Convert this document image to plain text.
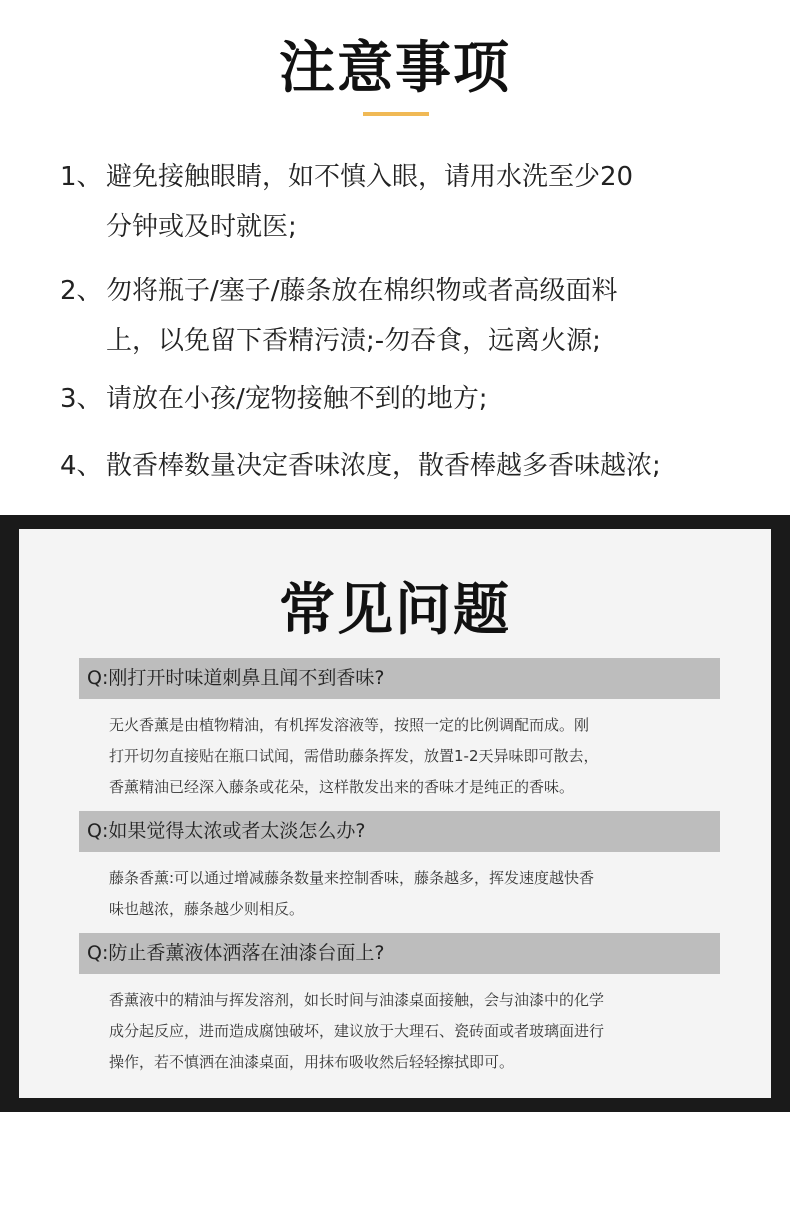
注意事项
1、 避免接触眼睛，如不慎入眼，请用水洗至少20
分钟或及时就医;
2、 勿将瓶子/塞子/藤条放在棉织物或者高级面料
上，以免留下香精污渍;-勿吞食，远离火源;
3、 请放在小孩/宠物接触不到的地方;
4、 散香棒数量决定香味浓度，散香棒越多香味越浓;
常见问题
Q:刚打开时味道刺鼻且闻不到香味?
无火香薰是由植物精油，有机挥发溶液等，按照一定的比例调配而成。刚
打开切勿直接贴在瓶口试闻，需借助藤条挥发，放置1-2天异味即可散去，
香薰精油已经深入藤条或花朵，这样散发出来的香味才是纯正的香味。
Q:如果觉得太浓或者太淡怎么办?
藤条香薰:可以通过增减藤条数量来控制香味，藤条越多，挥发速度越快香
味也越浓，藤条越少则相反。
Q:防止香薰液体洒落在油漆台面上?
香薰液中的精油与挥发溶剂，如长时间与油漆桌面接触，会与油漆中的化学
成分起反应，进而造成腐蚀破坏，建议放于大理石、瓷砖面或者玻璃面进行
操作，若不慎洒在油漆桌面，用抹布吸收然后轻轻擦拭即可。
